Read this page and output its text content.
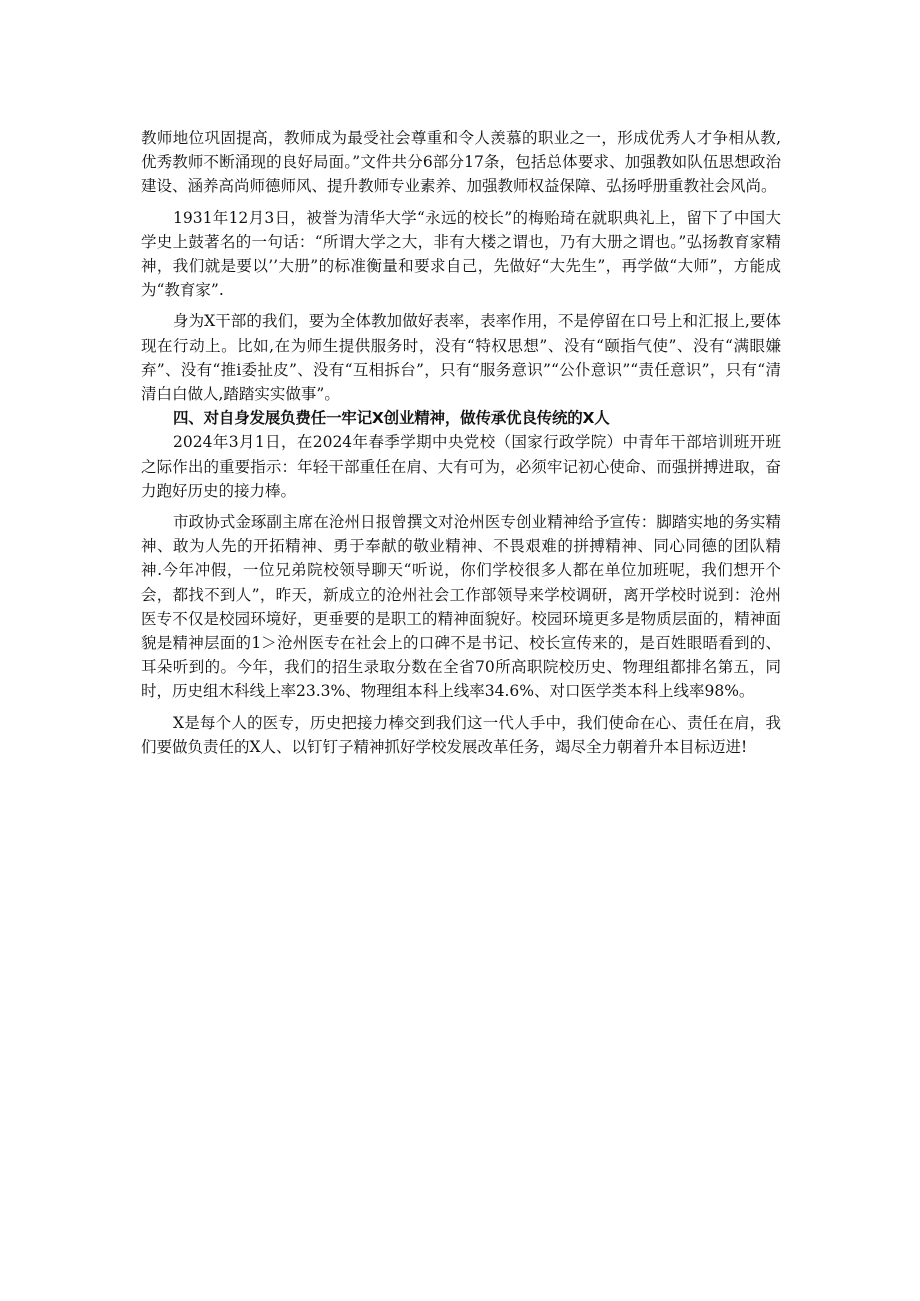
教师地位巩固提高，教师成为最受社会尊重和令人羡慕的职业之一，形成优秀人才争相从教,优秀教师不断涌现的良好局面。”文件共分6部分17条，包括总体要求、加强教如队伍思想政治建设、涵养高尚师德师风、提升教师专业素养、加强教师权益保障、弘扬呼册重教社会风尚。

1931年12月3日，被誉为清华大学“永远的校长”的梅贻琦在就职典礼上，留下了中国大学史上鼓著名的一句话：“所谓大学之大，非有大楼之谓也，乃有大册之谓也。”弘扬教育家精神，我们就是要以’’大册”的标准衡量和要求自己，先做好“大先生”，再学做“大师”，方能成为“教育家”.

身为X干部的我们，要为全体教加做好表率，表率作用，不是停留在口号上和汇报上,要体现在行动上。比如,在为师生提供服务时，没有“特权思想”、没有“颐指气使”、没有“满眼嫌弃”、没有“推i委扯皮”、没有“互相拆台”，只有“服务意识”“公仆意识”“责任意识”，只有“清清白白做人,踏踏实实做事”。

四、对自身发展负费任一牢记X创业精神，做传承优良传统的X人

2024年3月1日，在2024年春季学期中央党校（国家行政学院）中青年干部培训班开班之际作出的重要指示：年轻干部重任在肩、大有可为，必须牢记初心使命、而强拼搏进取，奋力跑好历史的接力棒。

市政协式金琢副主席在沧州日报曾撰文对沧州医专创业精神给予宣传：脚踏实地的务实精神、敢为人先的开拓精神、勇于奉献的敬业精神、不畏艰难的拼搏精神、同心同德的团队精神.今年冲假，一位兄弟院校领导聊天“听说，你们学校很多人都在单位加班呢，我们想开个会，都找不到人”，昨天，新成立的沧州社会工作部领导来学校调研，离开学校时说到：沧州医专不仅是校园环境好，更垂要的是职工的精神面貌好。校园环境更多是物质层面的，精神面貌是精神层面的1＞沧州医专在社会上的口碑不是书记、校长宣传来的，是百姓眼晤看到的、耳朵听到的。今年，我们的招生录取分数在全省70所高职院校历史、物理组都排名第五，同时，历史组木科线上率23.3%、物理组本科上线率34.6%、对口医学类本科上线率98%。

X是每个人的医专，历史把接力棒交到我们这一代人手中，我们使命在心、责任在肩，我们要做负责任的X人、以钉钉子精神抓好学校发展改革任务，竭尽全力朝着升本目标迈进!
